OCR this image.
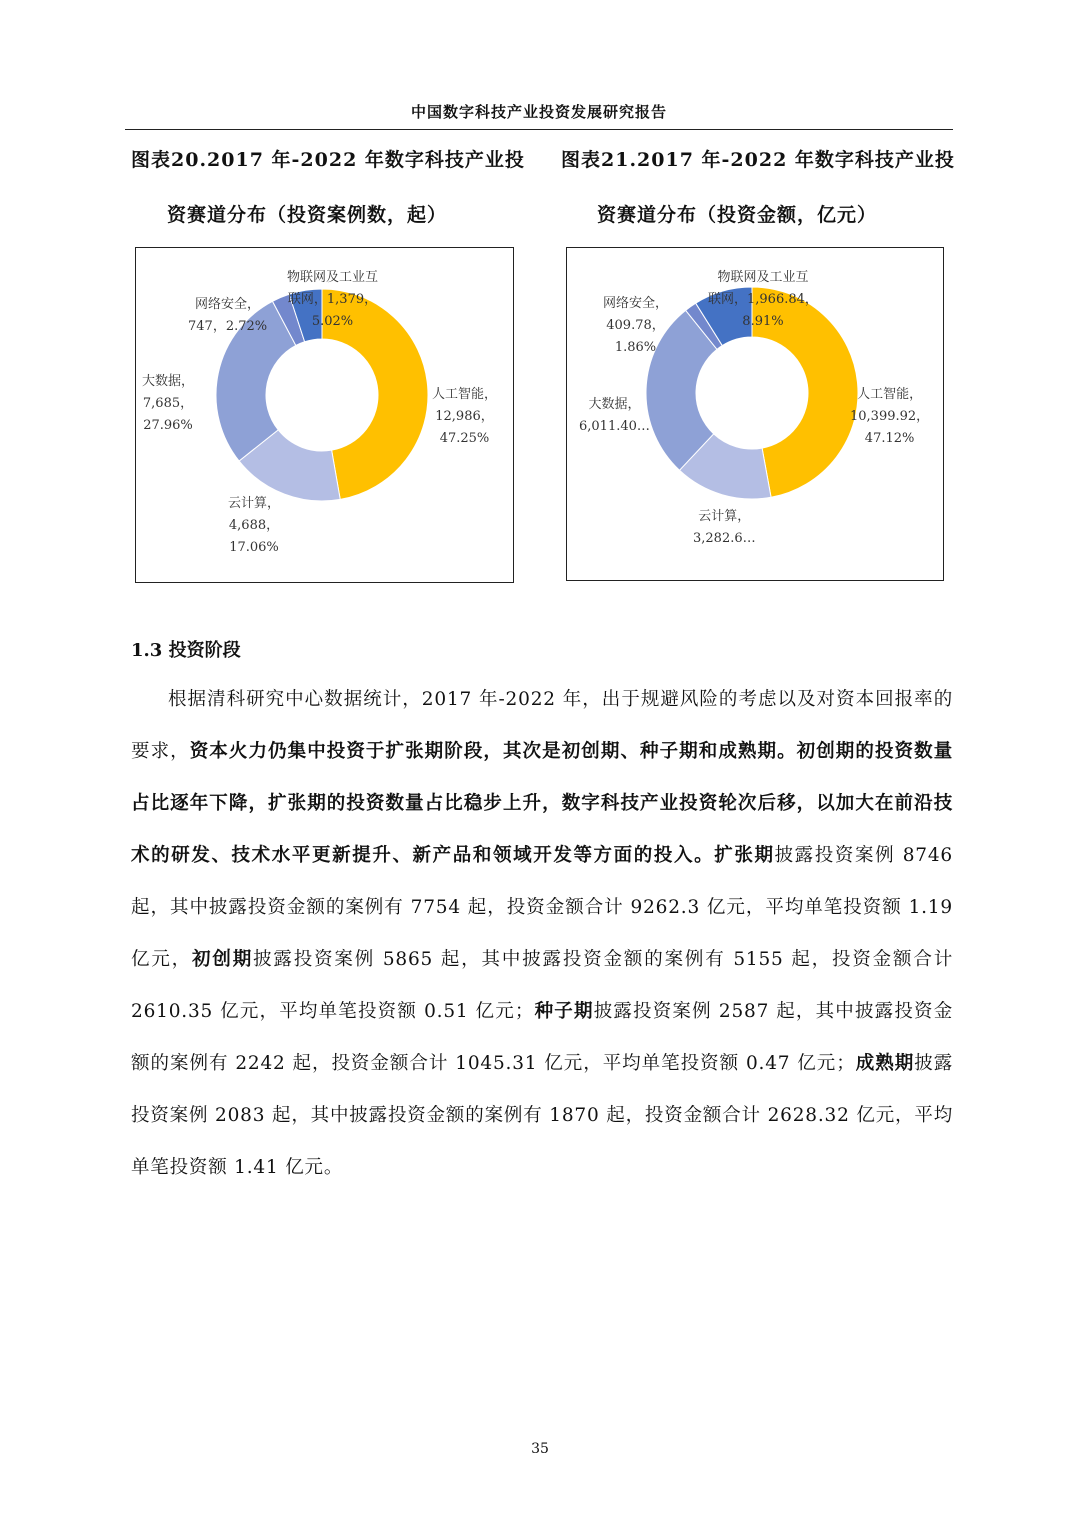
中国数字科技产业投资发展研究报告
图表20.2017 年-2022 年数字科技产业投
资赛道分布（投资案例数，起）
图表21.2017 年-2022 年数字科技产业投
资赛道分布（投资金额，亿元）
物联网及工业互
联网，1,379，
5.02%
网络安全，
747，2.72%
大数据，
7,685，
27.96%
人工智能，
12,986，
47.25%
云计算，
4,688，
17.06%
物联网及工业互
联网，1,966.84，
8.91%
网络安全，
409.78，
1.86%
大数据，
6,011.40…
人工智能，
10,399.92，
47.12%
云计算，
3,282.6…
1.3 投资阶段
根据清科研究中心数据统计，2017 年-2022 年，出于规避风险的考虑以及对资本回报率的要求，资本火力仍集中投资于扩张期阶段，其次是初创期、种子期和成熟期。初创期的投资数量占比逐年下降，扩张期的投资数量占比稳步上升，数字科技产业投资轮次后移，以加大在前沿技术的研发、技术水平更新提升、新产品和领域开发等方面的投入。扩张期披露投资案例 8746 起，其中披露投资金额的案例有 7754 起，投资金额合计 9262.3 亿元，平均单笔投资额 1.19 亿元，初创期披露投资案例 5865 起，其中披露投资金额的案例有 5155 起，投资金额合计 2610.35 亿元，平均单笔投资额 0.51 亿元；种子期披露投资案例 2587 起，其中披露投资金额的案例有 2242 起，投资金额合计 1045.31 亿元，平均单笔投资额 0.47 亿元；成熟期披露投资案例 2083 起，其中披露投资金额的案例有 1870 起，投资金额合计 2628.32 亿元，平均单笔投资额 1.41 亿元。
35
